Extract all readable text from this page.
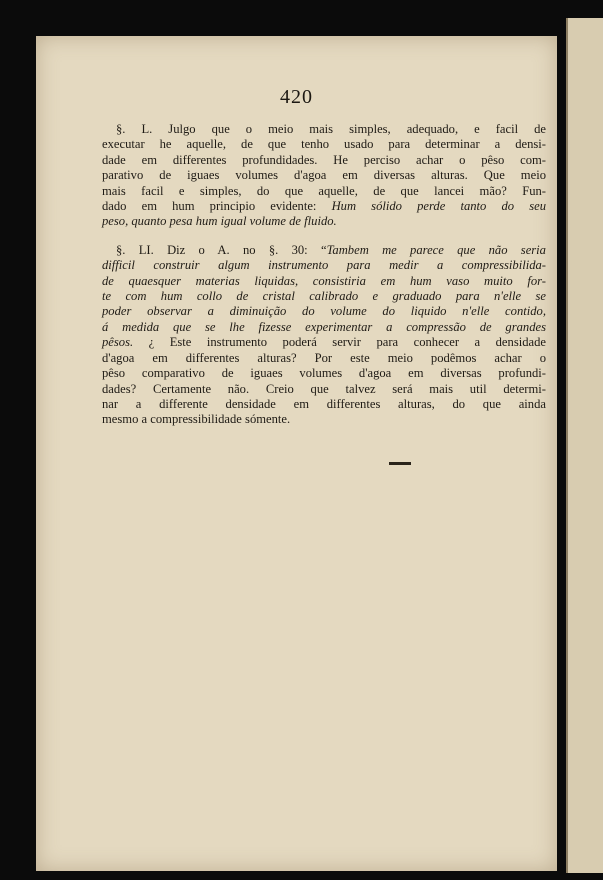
420

§. L. Julgo que o meio mais simples, adequado, e facil de
executar he aquelle, de que tenho usado para determinar a densi-
dade em differentes profundidades. He perciso achar o pêso com-
parativo de iguaes volumes d'agoa em diversas alturas. Que meio
mais facil e simples, do que aquelle, de que lancei mão? Fun-
dado em hum principio evidente: Hum sólido perde tanto do seu
peso, quanto pesa hum igual volume de fluido.

§. LI. Diz o A. no §. 30: “Tambem me parece que não seria
difficil construir algum instrumento para medir a compressibilida-
de quaesquer materias liquidas, consistiria em hum vaso muito for-
te com hum collo de cristal calibrado e graduado para n'elle se
poder observar a diminuição do volume do liquido n'elle contido,
á medida que se lhe fizesse experimentar a compressão de grandes
pêsos. ¿ Este instrumento poderá servir para conhecer a densidade
d'agoa em differentes alturas? Por este meio podêmos achar o
pêso comparativo de iguaes volumes d'agoa em diversas profundi-
dades? Certamente não. Creio que talvez será mais util determi-
nar a differente densidade em differentes alturas, do que ainda
mesmo a compressibilidade sómente.
